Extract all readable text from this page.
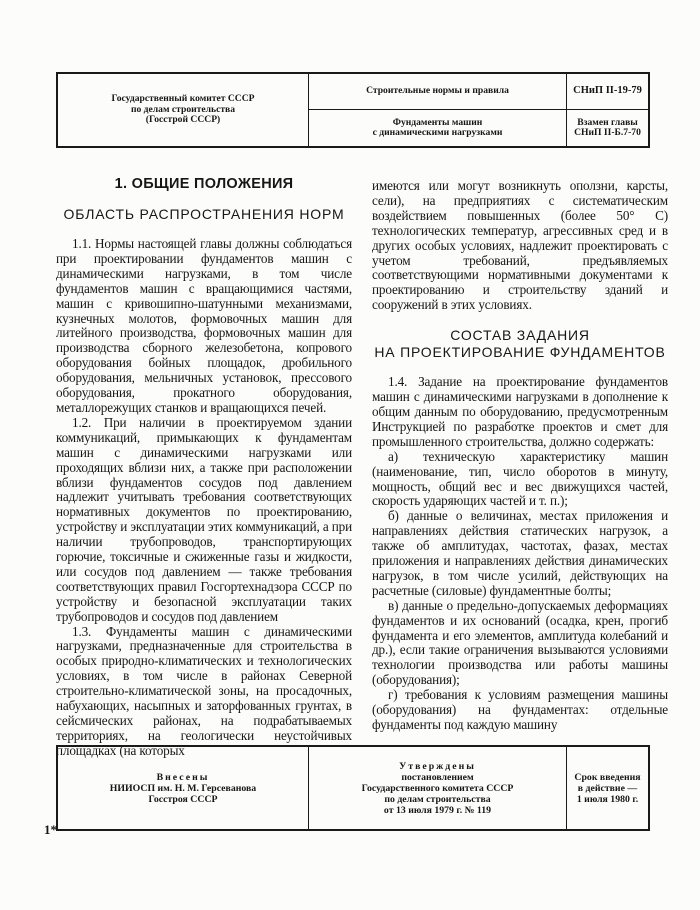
Государственный комитет СССР
по делам строительства
(Госстрой СССР)
Строительные нормы и правила	СНиП II-19-79
Фундаменты машин
с динамическими нагрузками
Взамен главы
СНиП II-Б.7-70
1. ОБЩИЕ ПОЛОЖЕНИЯ
ОБЛАСТЬ РАСПРОСТРАНЕНИЯ НОРМ

1.1. Нормы настоящей главы должны соблюдаться при проектировании фундаментов машин с динамическими нагрузками, в том числе фундаментов машин с вращающимися частями, машин с кривошипно-шатунными механизмами, кузнечных молотов, формовочных машин для литейного производства, формовочных машин для производства сборного железобетона, копрового оборудования бойных площадок, дробильного оборудования, мельничных установок, прессового оборудования, прокатного оборудования, металлорежущих станков и вращающихся печей.

1.2. При наличии в проектируемом здании коммуникаций, примыкающих к фундаментам машин с динамическими нагрузками или проходящих вблизи них, а также при расположении вблизи фундаментов сосудов под давлением надлежит учитывать требования соответствующих нормативных документов по проектированию, устройству и эксплуатации этих коммуникаций, а при наличии трубопроводов, транспортирующих горючие, токсичные и сжиженные газы и жидкости, или сосудов под давлением — также требования соответствующих правил Госгортехнадзора СССР по устройству и безопасной эксплуатации таких трубопроводов и сосудов под давлением

1.3. Фундаменты машин с динамическими нагрузками, предназначенные для строительства в особых природно-климатических и технологических условиях, в том числе в районах Северной строительно-климатической зоны, на просадочных, набухающих, насыпных и заторфованных грунтах, в сейсмических районах, на подрабатываемых территориях, на геологически неустойчивых площадках (на которых

имеются или могут возникнуть оползни, карсты, сели), на предприятиях с систематическим воздействием повышенных (более 50° С) технологических температур, агрессивных сред и в других особых условиях, надлежит проектировать с учетом требований, предъявляемых соответствующими нормативными документами к проектированию и строительству зданий и сооружений в этих условиях.

СОСТАВ ЗАДАНИЯ
НА ПРОЕКТИРОВАНИЕ ФУНДАМЕНТОВ

1.4. Задание на проектирование фундаментов машин с динамическими нагрузками в дополнение к общим данным по оборудованию, предусмотренным Инструкцией по разработке проектов и смет для промышленного строительства, должно содержать:

а) техническую характеристику машин (наименование, тип, число оборотов в минуту, мощность, общий вес и вес движущихся частей, скорость ударяющих частей и т. п.);

б) данные о величинах, местах приложения и направлениях действия статических нагрузок, а также об амплитудах, частотах, фазах, местах приложения и направлениях действия динамических нагрузок, в том числе усилий, действующих на расчетные (силовые) фундаментные болты;

в) данные о предельно-допускаемых деформациях фундаментов и их оснований (осадка, крен, прогиб фундамента и его элементов, амплитуда колебаний и др.), если такие ограничения вызываются условиями технологии производства или работы машины (оборудования);

г) требования к условиям размещения машины (оборудования) на фундаментах: отдельные фундаменты под каждую машину

Внесены
НИИОСП им. Н. М. Герсеванова
Госстроя СССР
Утверждены
постановлением
Государственного комитета СССР
по делам строительства
от 13 июля 1979 г. № 119
Срок введения
в действие —
1 июля 1980 г.
1*
